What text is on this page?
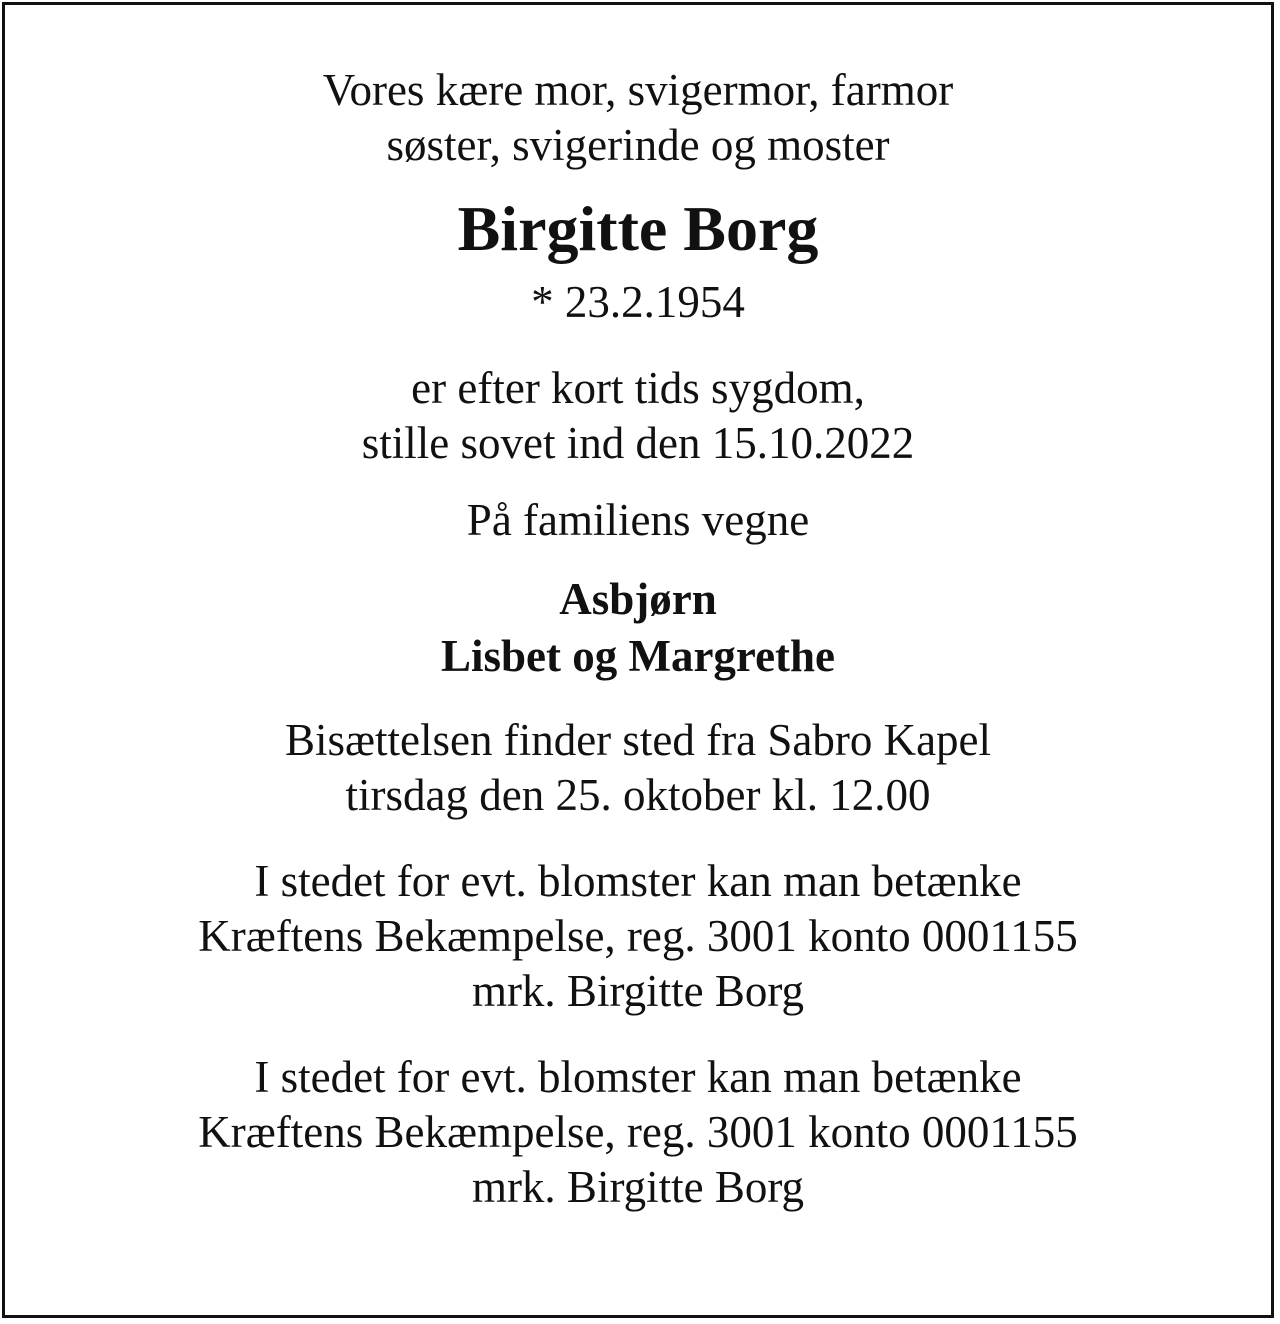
Vores kære mor, svigermor, farmor
søster, svigerinde og moster

Birgitte Borg

* 23.2.1954

er efter kort tids sygdom,
stille sovet ind den 15.10.2022

På familiens vegne

Asbjørn
Lisbet og Margrethe

Bisættelsen finder sted fra Sabro Kapel
tirsdag den 25. oktober kl. 12.00

I stedet for evt. blomster kan man betænke
Kræftens Bekæmpelse, reg. 3001 konto 0001155
mrk. Birgitte Borg

I stedet for evt. blomster kan man betænke
Kræftens Bekæmpelse, reg. 3001 konto 0001155
mrk. Birgitte Borg
